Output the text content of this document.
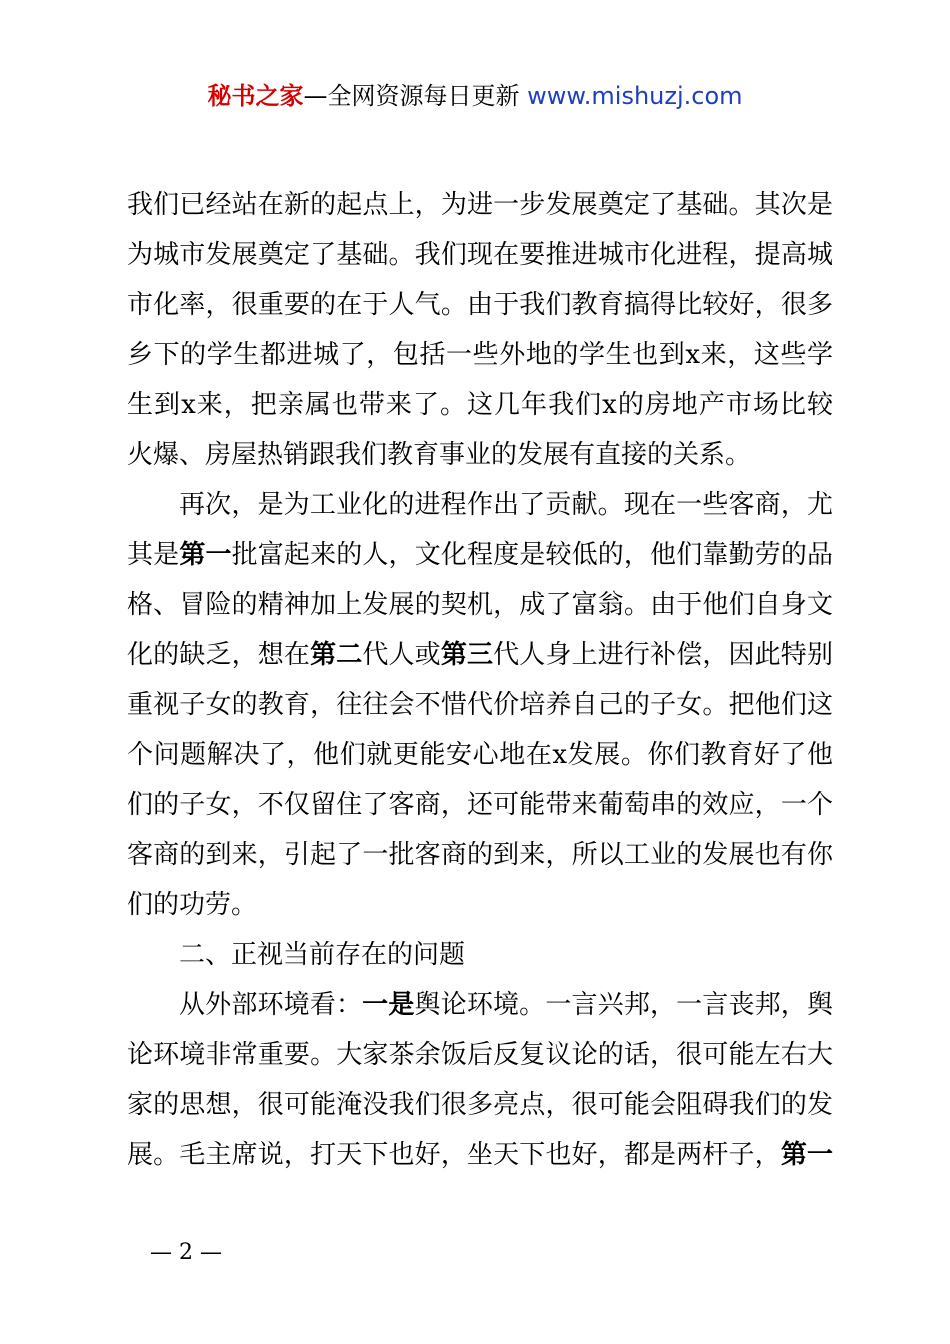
秘书之家—全网资源每日更新 www.mishuzj.com
我们已经站在新的起点上，为进一步发展奠定了基础。其次是
为城市发展奠定了基础。我们现在要推进城市化进程，提高城
市化率，很重要的在于人气。由于我们教育搞得比较好，很多
乡下的学生都进城了，包括一些外地的学生也到x来，这些学
生到x来，把亲属也带来了。这几年我们x的房地产市场比较
火爆、房屋热销跟我们教育事业的发展有直接的关系。
再次，是为工业化的进程作出了贡献。现在一些客商，尤
其是第一批富起来的人，文化程度是较低的，他们靠勤劳的品
格、冒险的精神加上发展的契机，成了富翁。由于他们自身文
化的缺乏，想在第二代人或第三代人身上进行补偿，因此特别
重视子女的教育，往往会不惜代价培养自己的子女。把他们这
个问题解决了，他们就更能安心地在x发展。你们教育好了他
们的子女，不仅留住了客商，还可能带来葡萄串的效应，一个
客商的到来，引起了一批客商的到来，所以工业的发展也有你
们的功劳。
二、正视当前存在的问题
从外部环境看：一是舆论环境。一言兴邦，一言丧邦，舆
论环境非常重要。大家茶余饭后反复议论的话，很可能左右大
家的思想，很可能淹没我们很多亮点，很可能会阻碍我们的发
展。毛主席说，打天下也好，坐天下也好，都是两杆子，第一
— 2 —
